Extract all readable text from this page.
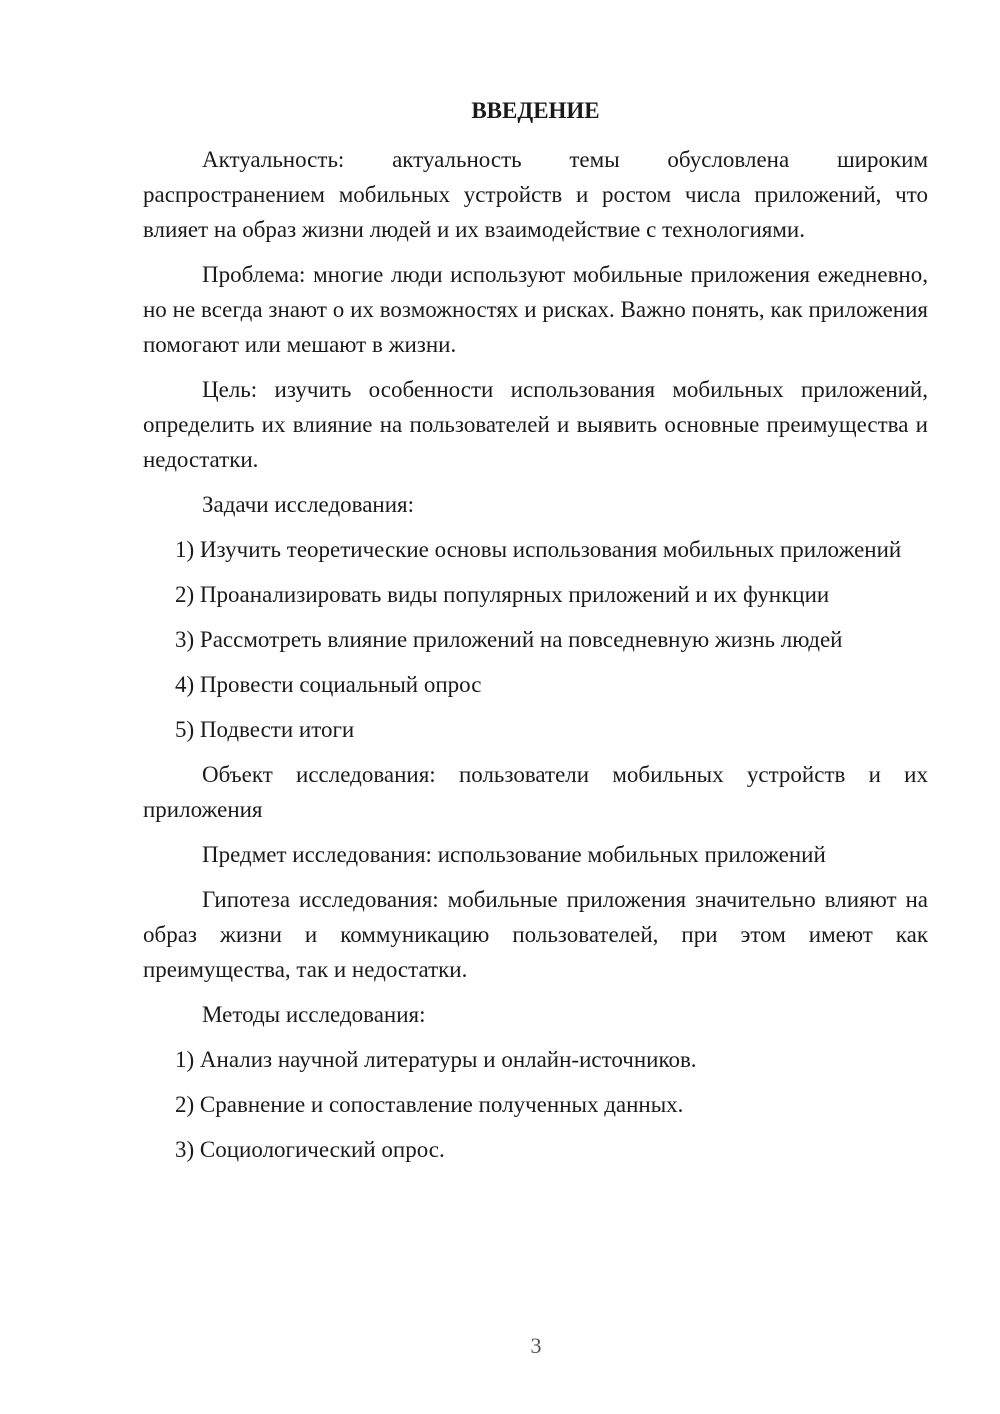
ВВЕДЕНИЕ

Актуальность: актуальность темы обусловлена широким распространением мобильных устройств и ростом числа приложений, что влияет на образ жизни людей и их взаимодействие с технологиями.

Проблема: многие люди используют мобильные приложения ежедневно, но не всегда знают о их возможностях и рисках. Важно понять, как приложения помогают или мешают в жизни.

Цель: изучить особенности использования мобильных приложений, определить их влияние на пользователей и выявить основные преимущества и недостатки.

Задачи исследования:

1) Изучить теоретические основы использования мобильных приложений
2) Проанализировать виды популярных приложений и их функции
3) Рассмотреть влияние приложений на повседневную жизнь людей
4) Провести социальный опрос
5) Подвести итоги

Объект исследования: пользователи мобильных устройств и их приложения

Предмет исследования: использование мобильных приложений

Гипотеза исследования: мобильные приложения значительно влияют на образ жизни и коммуникацию пользователей, при этом имеют как преимущества, так и недостатки.

Методы исследования:

1) Анализ научной литературы и онлайн-источников.
2) Сравнение и сопоставление полученных данных.
3) Социологический опрос.
3
